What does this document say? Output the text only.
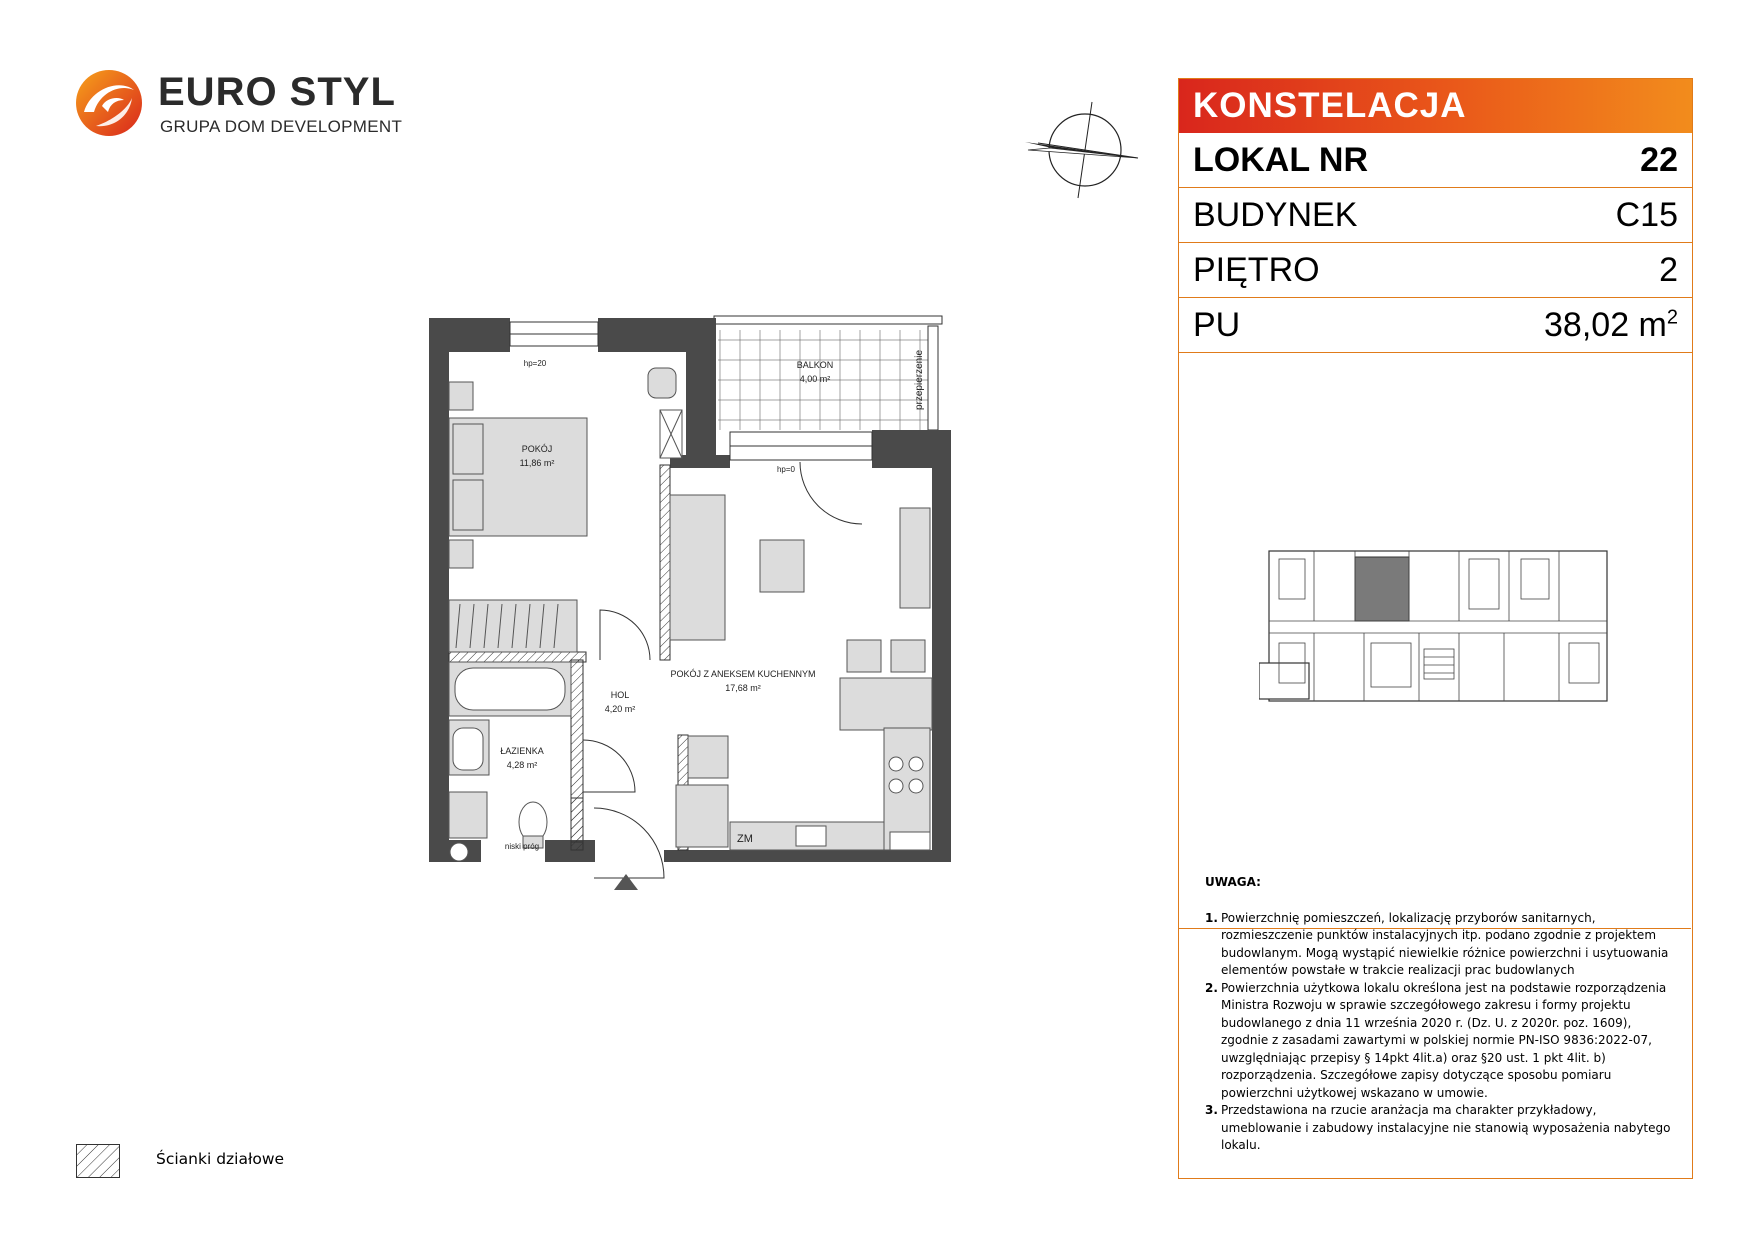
EURO STYL
GRUPA DOM DEVELOPMENT
BALKON
4,00 m²
POKÓJ
11,86 m²
POKÓJ Z ANEKSEM KUCHENNYM
17,68 m²
HOL
4,20 m²
ŁAZIENKA
4,28 m²
hp=20
hp=0
niski próg
ZM
przepierzenie
KONSTELACJA
LOKAL NR	22
BUDYNEK	C15
PIĘTRO	2
PU	38,02 $m^2$
UWAGA:
1. Powierzchnię pomieszczeń, lokalizację przyborów sanitarnych, rozmieszczenie punktów instalacyjnych itp. podano zgodnie z projektem budowlanym. Mogą wystąpić niewielkie różnice powierzchni i usytuowania elementów powstałe w trakcie realizacji prac budowlanych
2. Powierzchnia użytkowa lokalu określona jest na podstawie rozporządzenia Ministra Rozwoju w sprawie szczegółowego zakresu i formy projektu budowlanego z dnia 11 września 2020 r. (Dz. U. z 2020r. poz. 1609), zgodnie z zasadami zawartymi w polskiej normie PN-ISO 9836:2022-07, uwzględniając przepisy § 14pkt 4lit.a) oraz §20 ust. 1 pkt 4lit. b) rozporządzenia. Szczegółowe zapisy dotyczące sposobu pomiaru powierzchni użytkowej wskazano w umowie.
3. Przedstawiona na rzucie aranżacja ma charakter przykładowy, umeblowanie i zabudowy instalacyjne nie stanowią wyposażenia nabytego lokalu.
Ścianki działowe
